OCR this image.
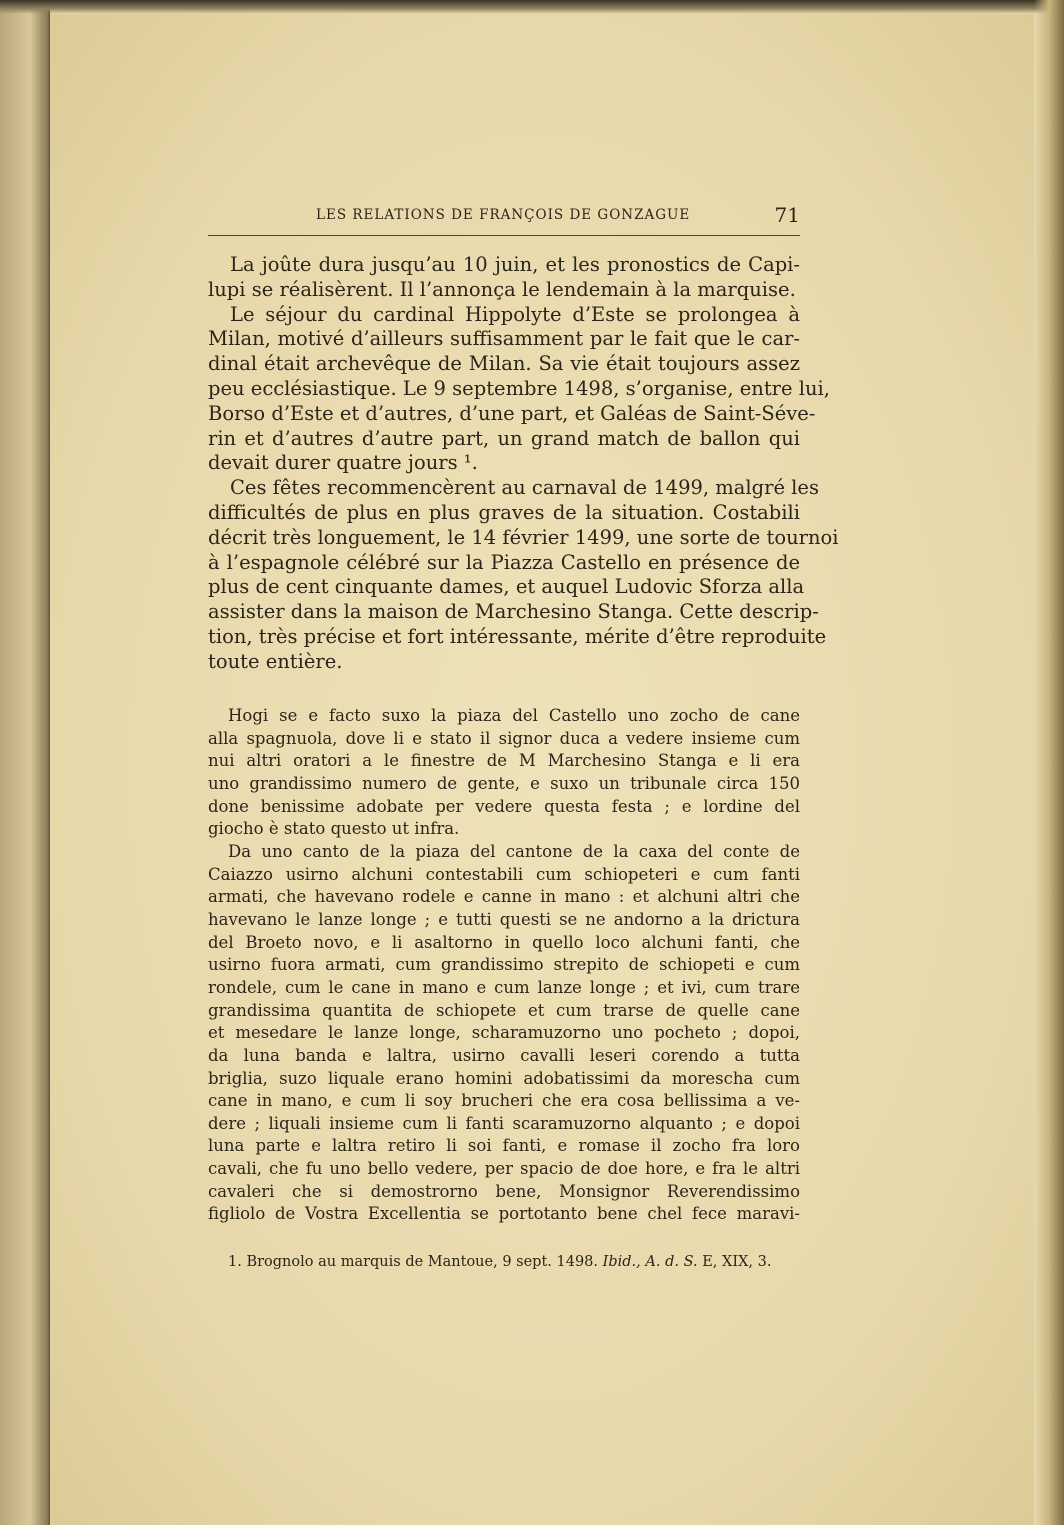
LES RELATIONS DE FRANÇOIS DE GONZAGUE	71
La joûte dura jusqu’au 10 juin, et les pronostics de Capi-
lupi se réalisèrent. Il l’annonça le lendemain à la marquise.
Le séjour du cardinal Hippolyte d’Este se prolongea à
Milan, motivé d’ailleurs suffisamment par le fait que le car-
dinal était archevêque de Milan. Sa vie était toujours assez
peu ecclésiastique. Le 9 septembre 1498, s’organise, entre lui,
Borso d’Este et d’autres, d’une part, et Galéas de Saint-Séve-
rin et d’autres d’autre part, un grand match de ballon qui
devait durer quatre jours ¹.
Ces fêtes recommencèrent au carnaval de 1499, malgré les
difficultés de plus en plus graves de la situation. Costabili
décrit très longuement, le 14 février 1499, une sorte de tournoi
à l’espagnole célébré sur la Piazza Castello en présence de
plus de cent cinquante dames, et auquel Ludovic Sforza alla
assister dans la maison de Marchesino Stanga. Cette descrip-
tion, très précise et fort intéressante, mérite d’être reproduite
toute entière.
Hogi se e facto suxo la piaza del Castello uno zocho de cane
alla spagnuola, dove li e stato il signor duca a vedere insieme cum
nui altri oratori a le finestre de M Marchesino Stanga e li era
uno grandissimo numero de gente, e suxo un tribunale circa 150
done benissime adobate per vedere questa festa ; e lordine del
giocho è stato questo ut infra.
Da uno canto de la piaza del cantone de la caxa del conte de
Caiazzo usirno alchuni contestabili cum schiopeteri e cum fanti
armati, che havevano rodele e canne in mano : et alchuni altri che
havevano le lanze longe ; e tutti questi se ne andorno a la drictura
del Broeto novo, e li asaltorno in quello loco alchuni fanti, che
usirno fuora armati, cum grandissimo strepito de schiopeti e cum
rondele, cum le cane in mano e cum lanze longe ; et ivi, cum trare
grandissima quantita de schiopete et cum trarse de quelle cane
et mesedare le lanze longe, scharamuzorno uno pocheto ; dopoi,
da luna banda e laltra, usirno cavalli leseri corendo a tutta
briglia, suzo liquale erano homini adobatissimi da morescha cum
cane in mano, e cum li soy brucheri che era cosa bellissima a ve-
dere ; liquali insieme cum li fanti scaramuzorno alquanto ; e dopoi
luna parte e laltra retiro li soi fanti, e romase il zocho fra loro
cavali, che fu uno bello vedere, per spacio de doe hore, e fra le altri
cavaleri che si demostrorno bene, Monsignor Reverendissimo
figliolo de Vostra Excellentia se portotanto bene chel fece maravi-
1. Brognolo au marquis de Mantoue, 9 sept. 1498. Ibid., A. d. S. E, XIX, 3.
